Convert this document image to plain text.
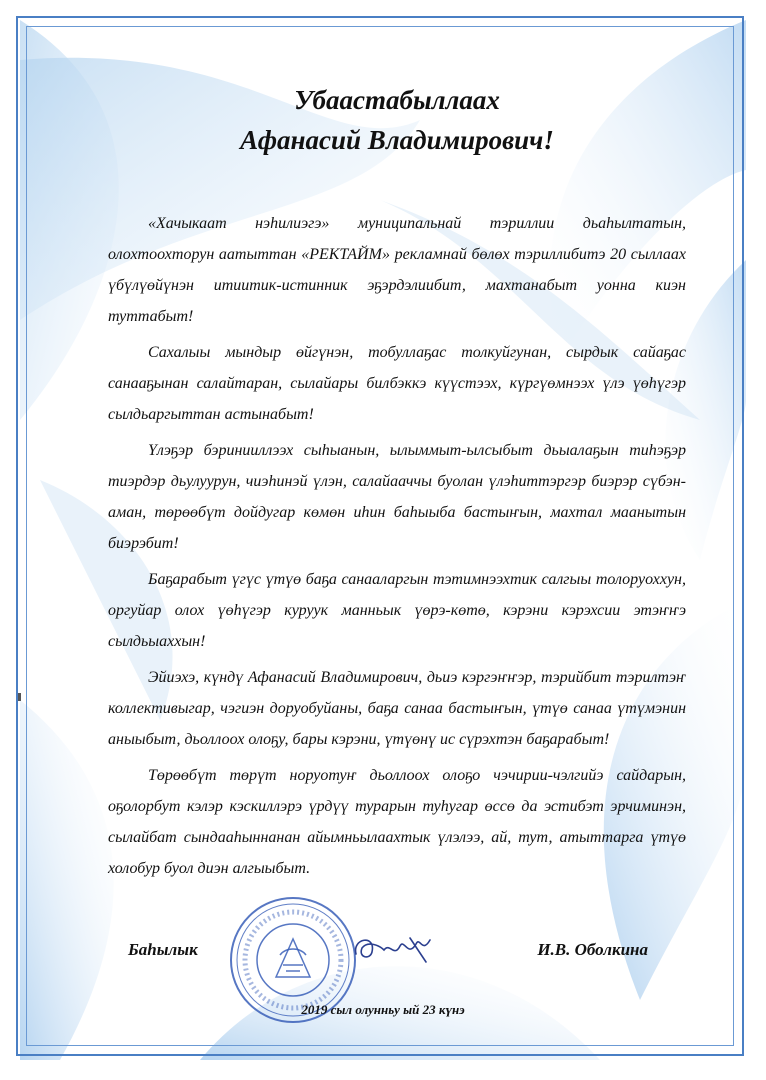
Убаастабыллаах

Афанасий Владимирович!

«Хачыкаат нэһилиэгэ» муниципальнай тэриллии дьаһылтатын, олохтоохторун аатыттан «РЕКТАЙМ» рекламнай бөлөх тэриллибитэ 20 сыллаах үбүлүөйүнэн итиитик-истинник эҕэрдэлиибит, махтанабыт уонна киэн туттабыт!

Сахалыы мындыр өйгүнэн, тобуллаҕас толкуйгунан, сырдык сайаҕас санааҕынан салайтаран, сылайары билбэккэ күүстээх, күргүөмнээх үлэ үөһүгэр сылдьаргыттан астынабыт!

Үлэҕэр бэринииллээх сыһыанын, ылыммыт-ылсыбыт дьыалаҕын тиһэҕэр тиэрдэр дьулуурун, чиэһинэй үлэн, салайааччы буолан үлэһиттэргэр биэрэр сүбэн-аман, төрөөбүт дойдугар көмөн иһин баһыыба бастыҥын, махтал маанытын биэрэбит!

Баҕарабыт үгүс үтүө баҕа санааларгын тэтимнээхтик салгыы толоруоххун, оргуйар олох үөһүгэр куруук манньык үөрэ-көтө, кэрэни кэрэхсии этэҥҥэ сылдьыаххын!

Эйиэхэ, күндү Афанасий Владимирович, дьиэ кэргэҥҥэр, тэрийбит тэрилтэҥ коллективыгар, чэгиэн доруобуйаны, баҕа санаа бастыҥын, үтүө санаа үтүмэнин аныыбыт, дьоллоох олоҕу, бары кэрэни, үтүөнү ис сүрэхтэн баҕарабыт!

Төрөөбүт төрүт норуотуҥ дьоллоох олоҕо чэчирии-чэлгийэ сайдарын, оҕолорбут кэлэр кэскиллэрэ үрдүү турарын туһугар өссө да эстибэт эрчиминэн, сылайбат сындааһыннанан айымньылаахтык үлэлээ, ай, тут, атыттарга үтүө холобур буол диэн алгыыбыт.

Баһылык	И.В. Оболкина
2019 сыл олунньу ый 23 күнэ
